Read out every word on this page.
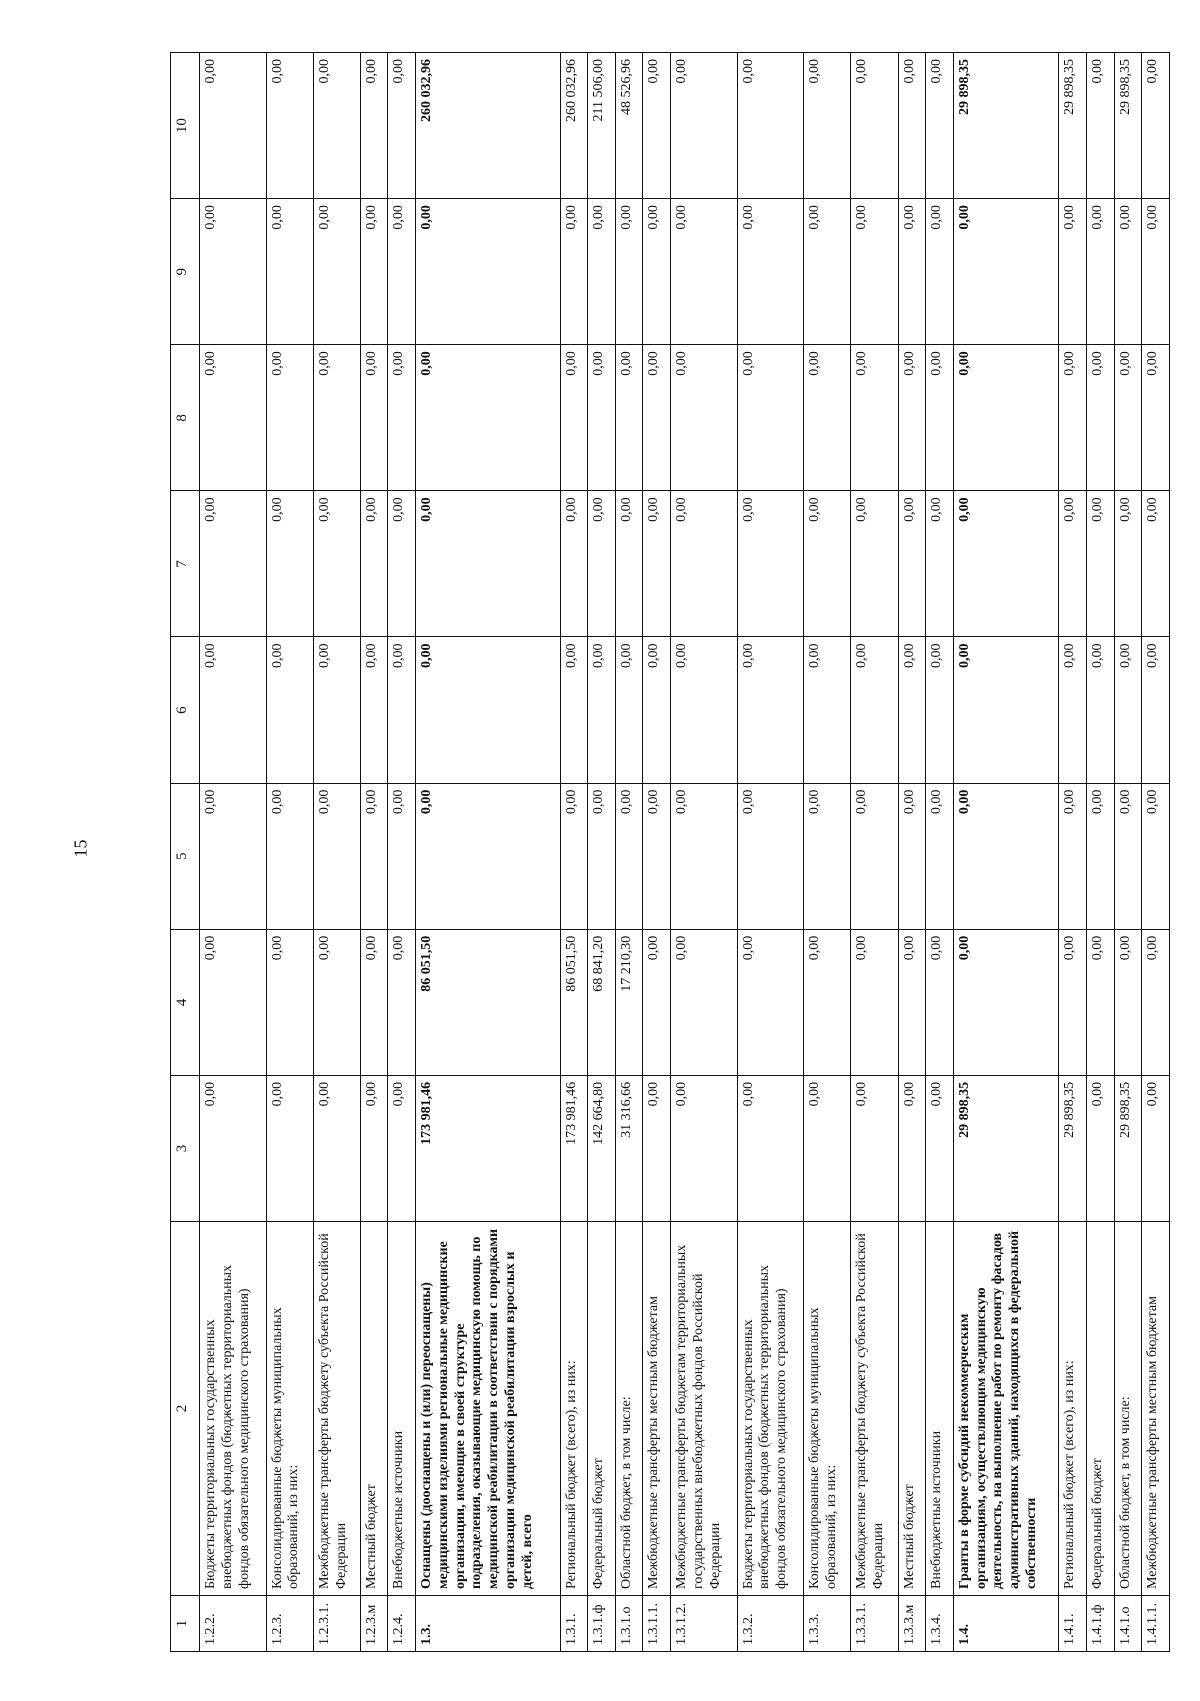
15
1	2	3	4	5	6	7	8	9	10
1.2.2.	Бюджеты территориальных государственных внебюджетных фондов (бюджетных территориальных фондов обязательного медицинского страхования)	0,00	0,00	0,00	0,00	0,00	0,00	0,00	0,00
1.2.3.	Консолидированные бюджеты муниципальных образований, из них:	0,00	0,00	0,00	0,00	0,00	0,00	0,00	0,00
1.2.3.1.	Межбюджетные трансферты бюджету субъекта Российской Федерации	0,00	0,00	0,00	0,00	0,00	0,00	0,00	0,00
1.2.3.м	Местный бюджет	0,00	0,00	0,00	0,00	0,00	0,00	0,00	0,00
1.2.4.	Внебюджетные источники	0,00	0,00	0,00	0,00	0,00	0,00	0,00	0,00
1.3.	Оснащены (дооснащены и (или) переоснащены) медицинскими изделиями региональные медицинские организации, имеющие в своей структуре подразделения, оказывающие медицинскую помощь по медицинской реабилитации в соответствии с порядками организации медицинской реабилитации взрослых и детей, всего	173 981,46	86 051,50	0,00	0,00	0,00	0,00	0,00	260 032,96
1.3.1.	Региональный бюджет (всего), из них:	173 981,46	86 051,50	0,00	0,00	0,00	0,00	0,00	260 032,96
1.3.1.ф	Федеральный бюджет	142 664,80	68 841,20	0,00	0,00	0,00	0,00	0,00	211 506,00
1.3.1.о	Областной бюджет, в том числе:	31 316,66	17 210,30	0,00	0,00	0,00	0,00	0,00	48 526,96
1.3.1.1.	Межбюджетные трансферты местным бюджетам	0,00	0,00	0,00	0,00	0,00	0,00	0,00	0,00
1.3.1.2.	Межбюджетные трансферты бюджетам территориальных государственных внебюджетных фондов Российской Федерации	0,00	0,00	0,00	0,00	0,00	0,00	0,00	0,00
1.3.2.	Бюджеты территориальных государственных внебюджетных фондов (бюджетных территориальных фондов обязательного медицинского страхования)	0,00	0,00	0,00	0,00	0,00	0,00	0,00	0,00
1.3.3.	Консолидированные бюджеты муниципальных образований, из них:	0,00	0,00	0,00	0,00	0,00	0,00	0,00	0,00
1.3.3.1.	Межбюджетные трансферты бюджету субъекта Российской Федерации	0,00	0,00	0,00	0,00	0,00	0,00	0,00	0,00
1.3.3.м	Местный бюджет	0,00	0,00	0,00	0,00	0,00	0,00	0,00	0,00
1.3.4.	Внебюджетные источники	0,00	0,00	0,00	0,00	0,00	0,00	0,00	0,00
1.4.	Гранты в форме субсидий некоммерческим организациям, осуществляющим медицинскую деятельность, на выполнение работ по ремонту фасадов административных зданий, находящихся в федеральной собственности	29 898,35	0,00	0,00	0,00	0,00	0,00	0,00	29 898,35
1.4.1.	Региональный бюджет (всего), из них:	29 898,35	0,00	0,00	0,00	0,00	0,00	0,00	29 898,35
1.4.1.ф	Федеральный бюджет	0,00	0,00	0,00	0,00	0,00	0,00	0,00	0,00
1.4.1.о	Областной бюджет, в том числе:	29 898,35	0,00	0,00	0,00	0,00	0,00	0,00	29 898,35
1.4.1.1.	Межбюджетные трансферты местным бюджетам	0,00	0,00	0,00	0,00	0,00	0,00	0,00	0,00
